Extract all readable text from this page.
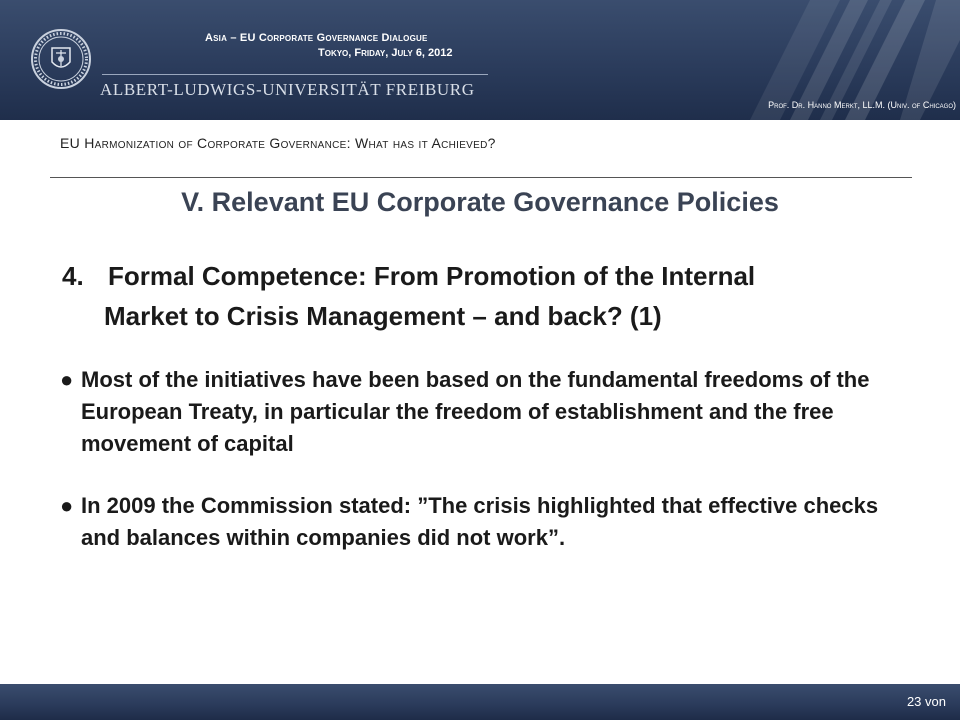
Asia – EU Corporate Governance Dialogue
Tokyo, Friday, July 6, 2012
ALBERT-LUDWIGS-UNIVERSITÄT FREIBURG
Prof. Dr. Hanno Merkt, LL.M. (Univ. of Chicago)
EU Harmonization of Corporate Governance: What has it Achieved?
V. Relevant EU Corporate Governance Policies
4. Formal Competence: From Promotion of the Internal
Market to Crisis Management – and back? (1)
● Most of the initiatives have been based on the fundamental freedoms of the European Treaty, in particular the freedom of establishment and the free movement of capital
● In 2009 the Commission stated: ”The crisis highlighted that effective checks and balances within companies did not work”.
23 von
